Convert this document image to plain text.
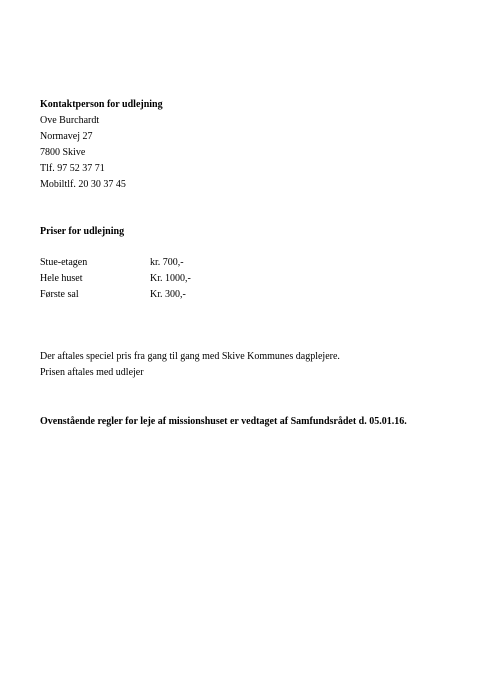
Kontaktperson for udlejning
Ove Burchardt
Normavej 27
7800 Skive
Tlf. 97 52 37 71
Mobiltlf. 20 30 37 45
Priser for udlejning
Stue-etagen	kr. 700,-
Hele huset	Kr. 1000,-
Første sal	Kr. 300,-
Der aftales speciel pris fra gang til gang med Skive Kommunes dagplejere.
Prisen aftales med udlejer
Ovenstående regler for leje af missionshuset er vedtaget af Samfundsrådet d. 05.01.16.
